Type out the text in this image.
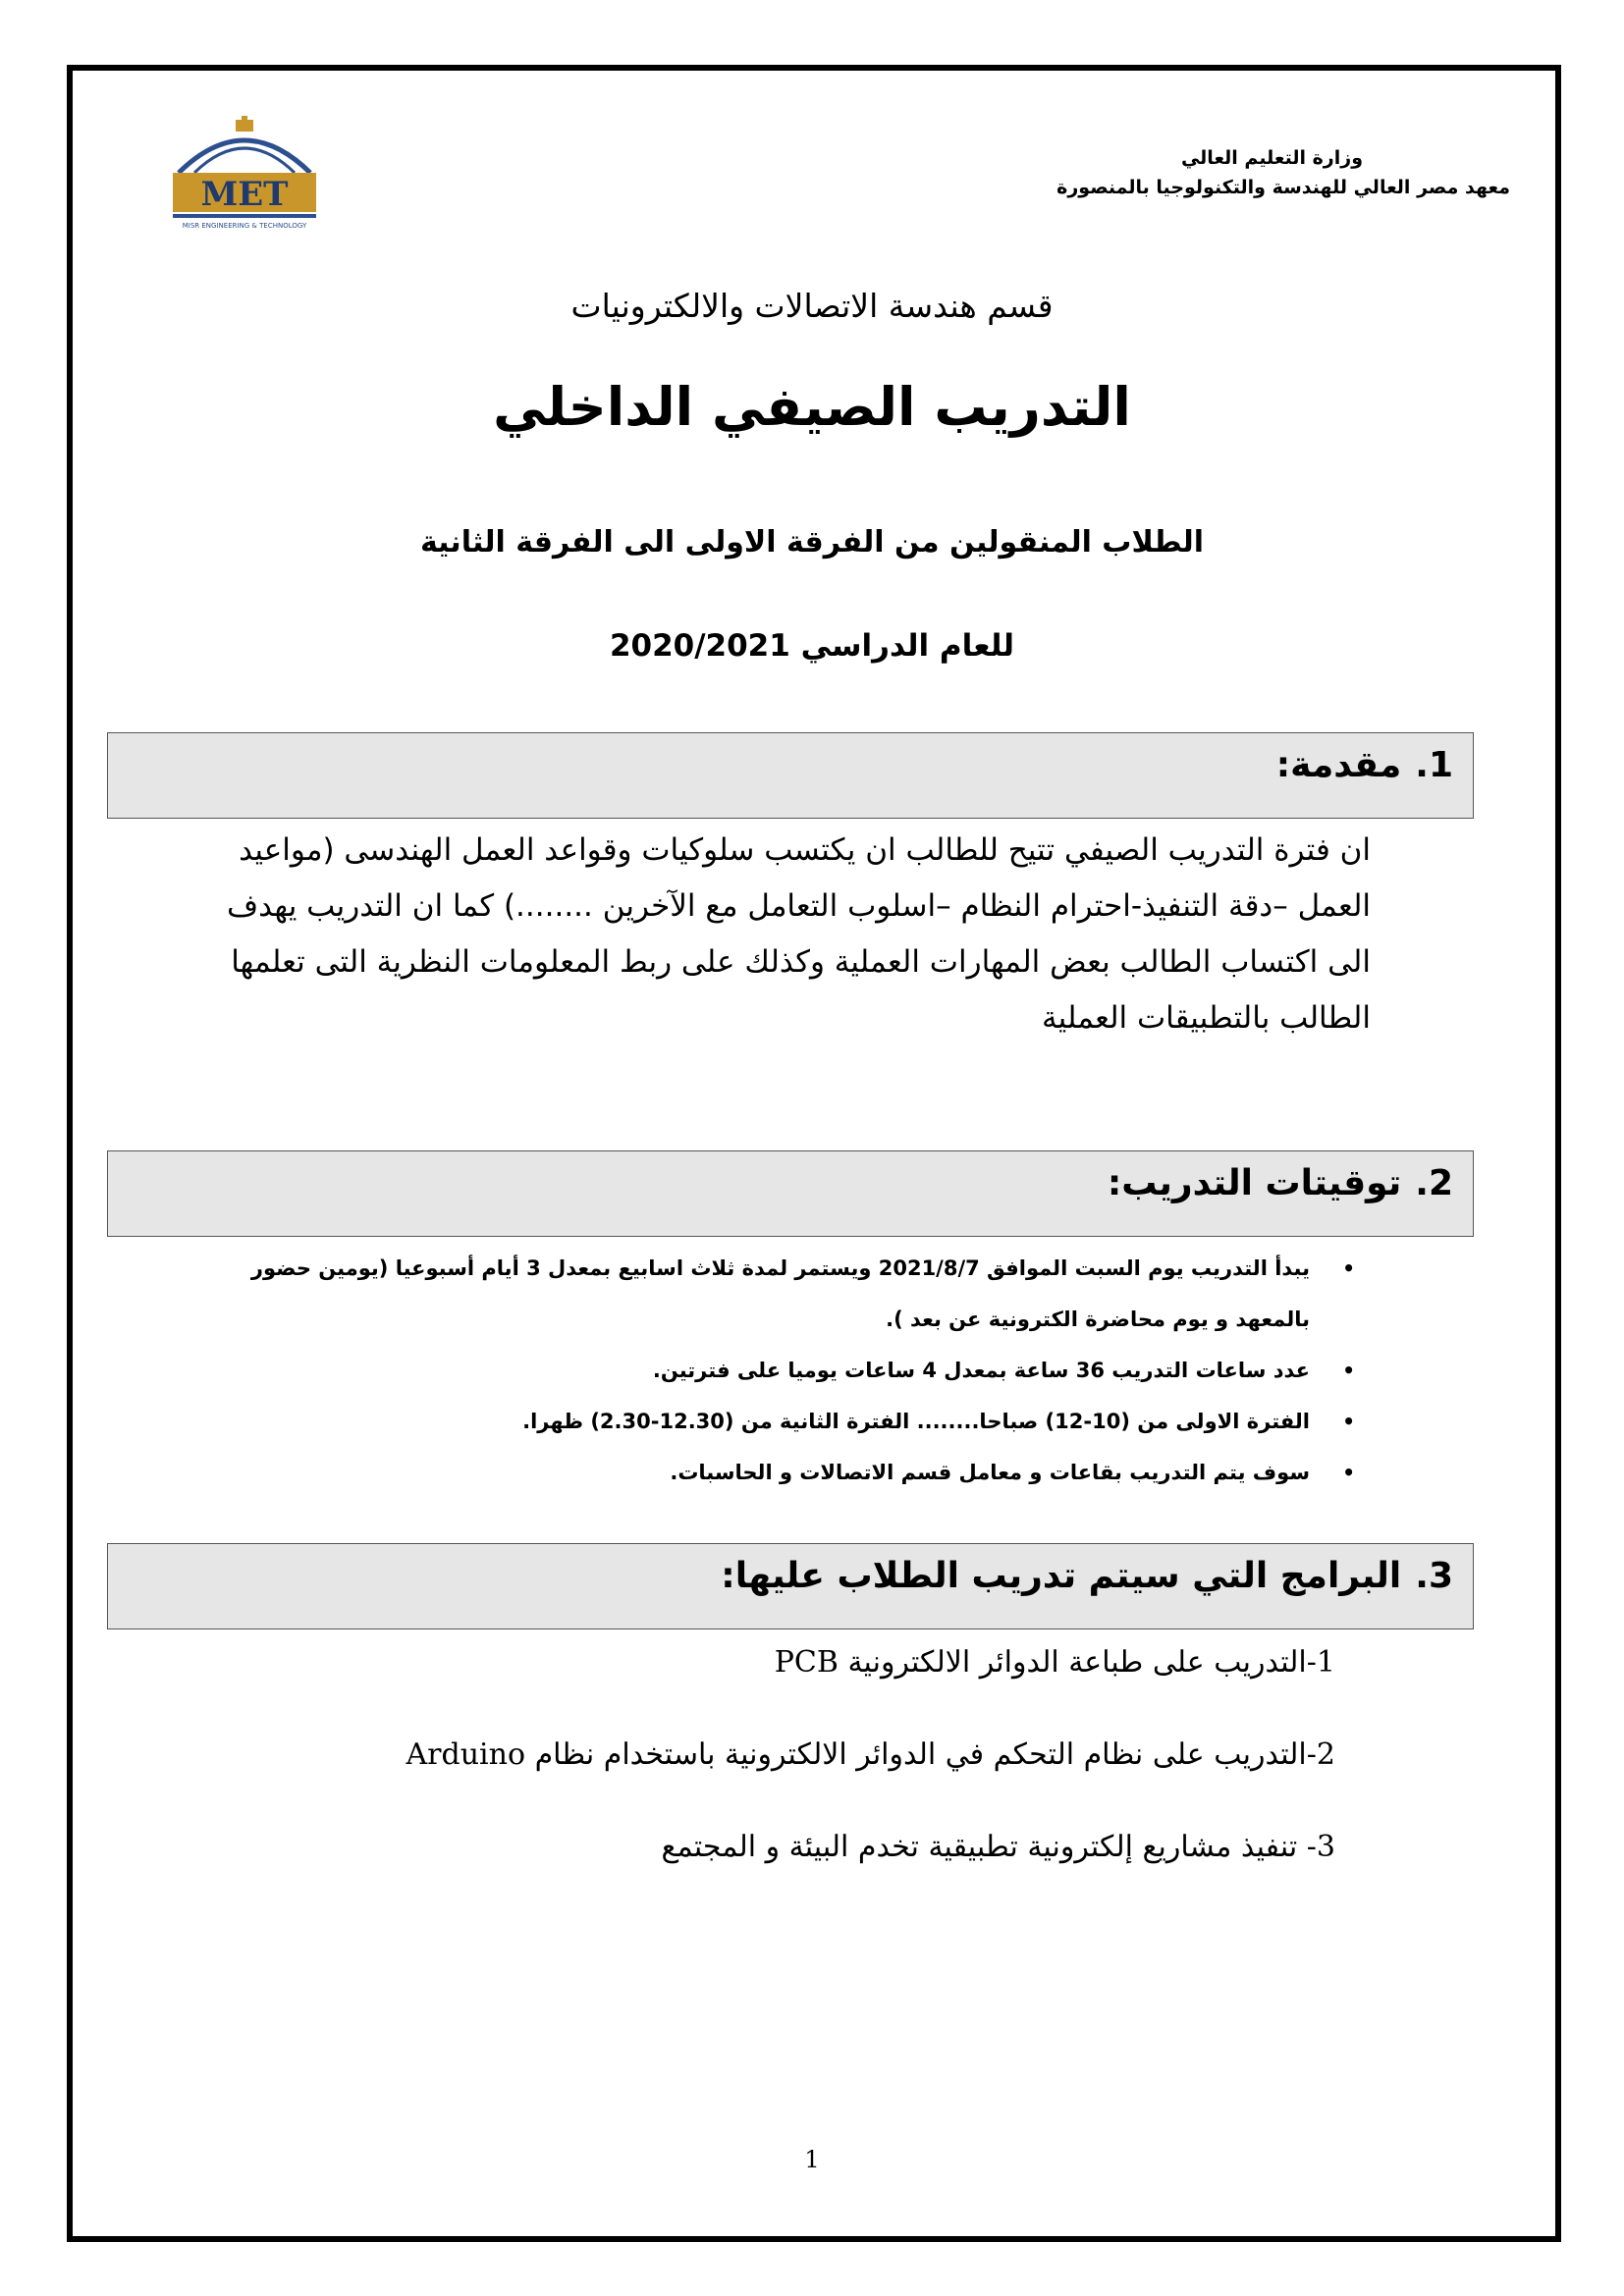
MET
MISR ENGINEERING & TECHNOLOGY
وزارة التعليم العالي
معهد مصر العالي للهندسة والتكنولوجيا بالمنصورة
قسم هندسة الاتصالات والالكترونيات
التدريب الصيفي الداخلي
الطلاب المنقولين من الفرقة الاولى الى الفرقة الثانية
للعام الدراسي 2020/2021
1.مقدمة:
ان فترة التدريب الصيفي تتيح للطالب ان يكتسب سلوكيات وقواعد العمل الهندسى (مواعيد
العمل –دقة التنفيذ-احترام النظام –اسلوب التعامل مع الآخرين ........) كما ان التدريب يهدف
الى اكتساب الطالب بعض المهارات العملية وكذلك على ربط المعلومات النظرية التى تعلمها
الطالب بالتطبيقات العملية
2.توقيتات التدريب:
•
يبدأ التدريب يوم السبت الموافق 2021/8/7 ويستمر لمدة ثلاث اسابيع بمعدل 3 أيام أسبوعيا (يومين حضور
بالمعهد و يوم محاضرة الكترونية عن بعد ).
•
عدد ساعات التدريب 36 ساعة بمعدل 4 ساعات يوميا على فترتين.
•
الفترة الاولى من (10-12) صباحا........ الفترة الثانية من (12.30-2.30) ظهرا.
•
سوف يتم التدريب بقاعات و معامل قسم الاتصالات و الحاسبات.
3.البرامج التي سيتم تدريب الطلاب عليها:
1-التدريب على طباعة الدوائر الالكترونية PCB
2-التدريب على نظام التحكم في الدوائر الالكترونية باستخدام نظام Arduino
3- تنفيذ مشاريع إلكترونية تطبيقية تخدم البيئة و المجتمع
1
